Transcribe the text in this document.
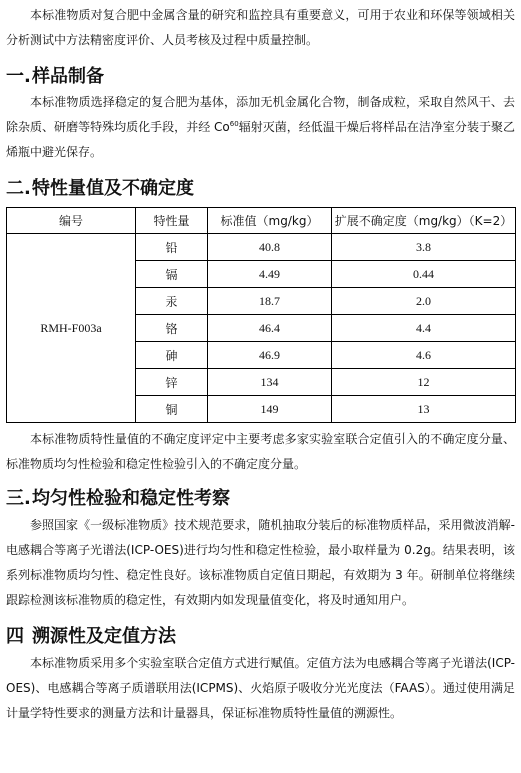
本标准物质对复合肥中金属含量的研究和监控具有重要意义，可用于农业和环保等领域相关分析测试中方法精密度评价、人员考核及过程中质量控制。

一. 样品制备

本标准物质选择稳定的复合肥为基体，添加无机金属化合物，制备成粒，采取自然风干、去除杂质、研磨等特殊均质化手段，并经 Co$^{60}$辐射灭菌，经低温干燥后将样品在洁净室分装于聚乙烯瓶中避光保存。

二. 特性量值及不确定度
编号	特性量	标准值（mg/kg）	扩展不确定度（mg/kg）（K=2）
RMH-F003a	铅	40.8	3.8
	镉	4.49	0.44
	汞	18.7	2.0
	铬	46.4	4.4
	砷	46.9	4.6
	锌	134	12
	铜	149	13

本标准物质特性量值的不确定度评定中主要考虑多家实验室联合定值引入的不确定度分量、标准物质均匀性检验和稳定性检验引入的不确定度分量。

三. 均匀性检验和稳定性考察

参照国家《一级标准物质》技术规范要求，随机抽取分装后的标准物质样品，采用微波消解-电感耦合等离子光谱法(ICP-OES)进行均匀性和稳定性检验，最小取样量为 0.2g。结果表明，该系列标准物质均匀性、稳定性良好。该标准物质自定值日期起，有效期为 3 年。研制单位将继续跟踪检测该标准物质的稳定性，有效期内如发现量值变化，将及时通知用户。

四 溯源性及定值方法

本标准物质采用多个实验室联合定值方式进行赋值。定值方法为电感耦合等离子光谱法(ICP-OES)、电感耦合等离子质谱联用法(ICPMS)、火焰原子吸收分光光度法（FAAS）。通过使用满足计量学特性要求的测量方法和计量器具，保证标准物质特性量值的溯源性。
